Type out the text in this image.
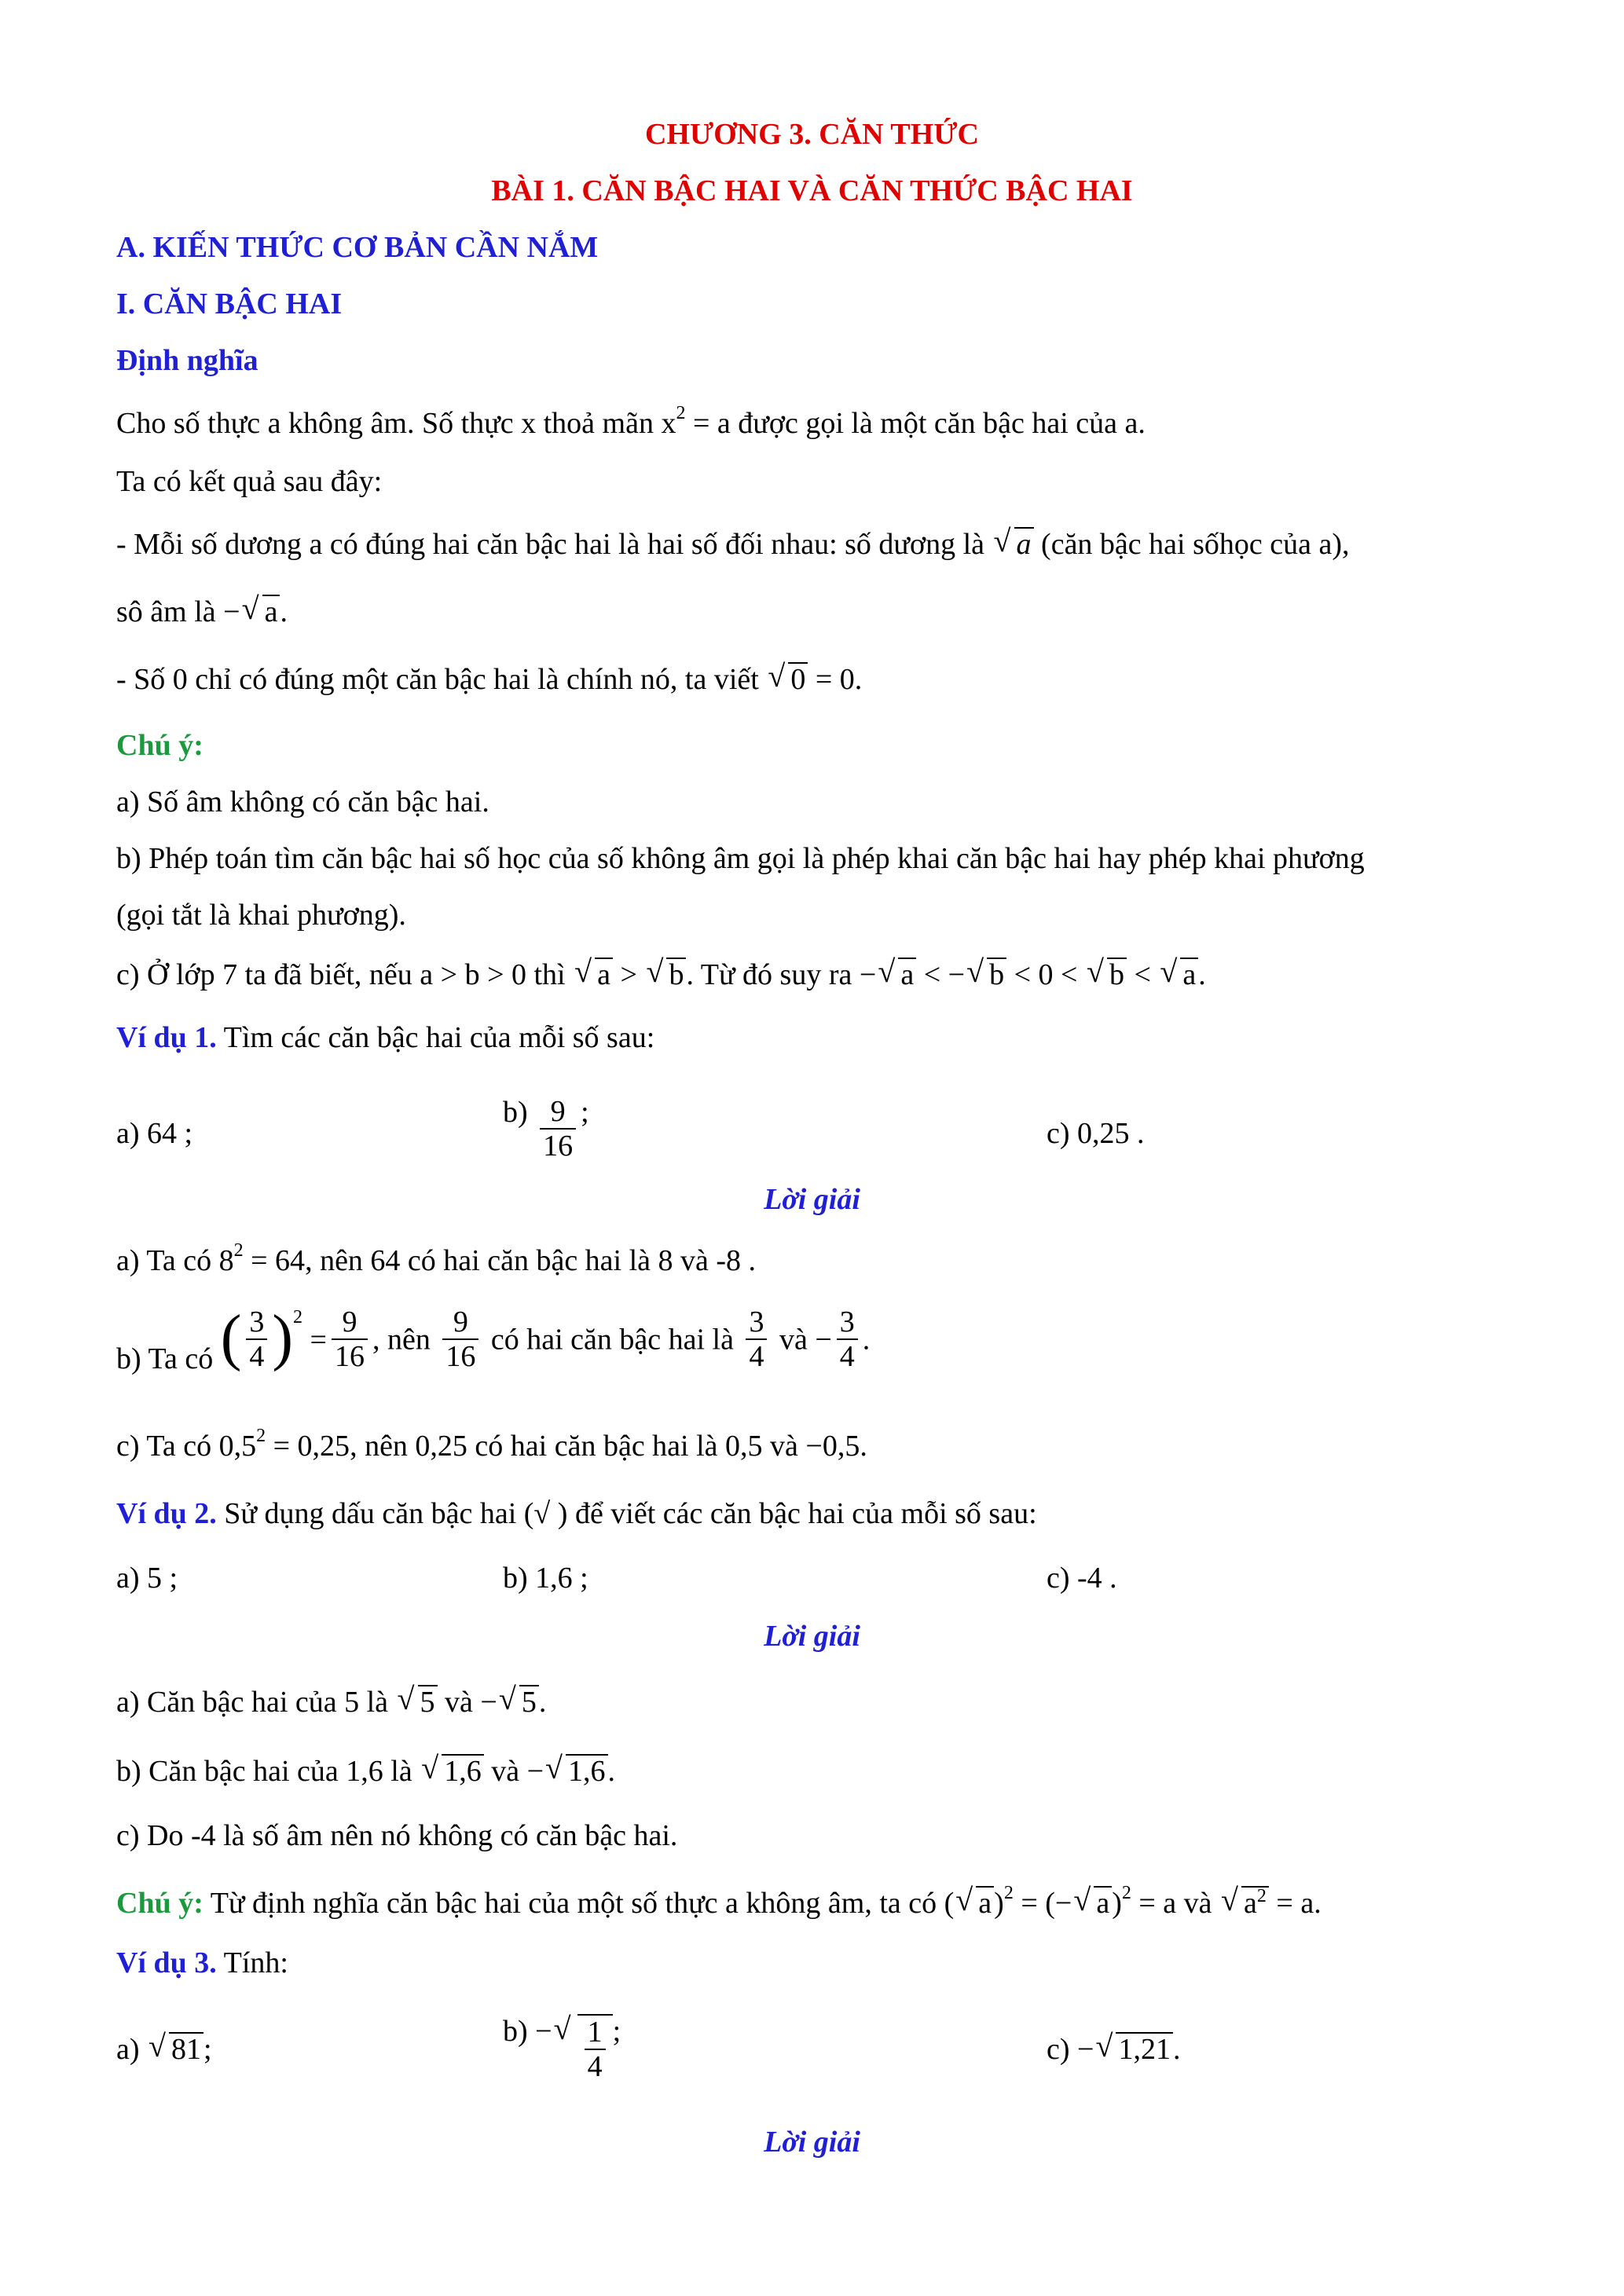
CHƯƠNG 3. CĂN THỨC
BÀI 1. CĂN BẬC HAI VÀ CĂN THỨC BẬC HAI
A. KIẾN THỨC CƠ BẢN CẦN NẮM
I. CĂN BẬC HAI
Định nghĩa
Cho số thực a không âm. Số thực x thoả mãn $x^2 = a$ được gọi là một căn bậc hai của a.
Ta có kết quả sau đây:
- Mỗi số dương a có đúng hai căn bậc hai là hai số đối nhau: số dương là √ a (căn bậc hai sốhọc của a),
sô âm là − √ a.
- Số 0 chỉ có đúng một căn bậc hai là chính nó, ta viết √ 0 = 0.
Chú ý:
a) Số âm không có căn bậc hai.
b) Phép toán tìm căn bậc hai số học của số không âm gọi là phép khai căn bậc hai hay phép khai phương
(gọi tắt là khai phương).
c) Ở lớp 7 ta đã biết, nếu a > b > 0 thì √ a > √ b. Từ đó suy ra − √ a < − √ b < 0 < √ b < √ a.
Ví dụ 1. Tìm các căn bậc hai của mỗi số sau:
a) 64 ;
$b) \frac{9}{16}$ ;
c) 0,25 .
Lời giải
a) Ta có $8^2 = 64$, nên 64 có hai căn bậc hai là 8 và -8 .
b) Ta có ( $\frac{3}{4} )^2 = \frac{9}{16}$ , nên $\frac{9}{16}$ có hai căn bậc hai là $\frac{3}{4}$ và − $\frac{3}{4}$ .
c) Ta có $0,5^2 = 0,25$, nên 0,25 có hai căn bậc hai là 0,5 và −0,5.
Ví dụ 2. Sử dụng dấu căn bậc hai (√ ) để viết các căn bậc hai của mỗi số sau:
a) 5 ;	b) 1,6 ;	c) -4 .
Lời giải
a) Căn bậc hai của 5 là √ 5 và − √ 5.
b) Căn bậc hai của 1,6 là √ 1,6 và − √ 1,6.
c) Do -4 là số âm nên nó không có căn bậc hai.
Chú ý: Từ định nghĩa căn bậc hai của một số thực a không âm, ta có ( √ a)$^2$ = (− √ a)$^2$ = a và √ $a^2 = a$.
Ví dụ 3. Tính:
a) √ 81;
b) − √ $\frac{1}{4}$ ;
c) − √ 1,21.
Lời giải
